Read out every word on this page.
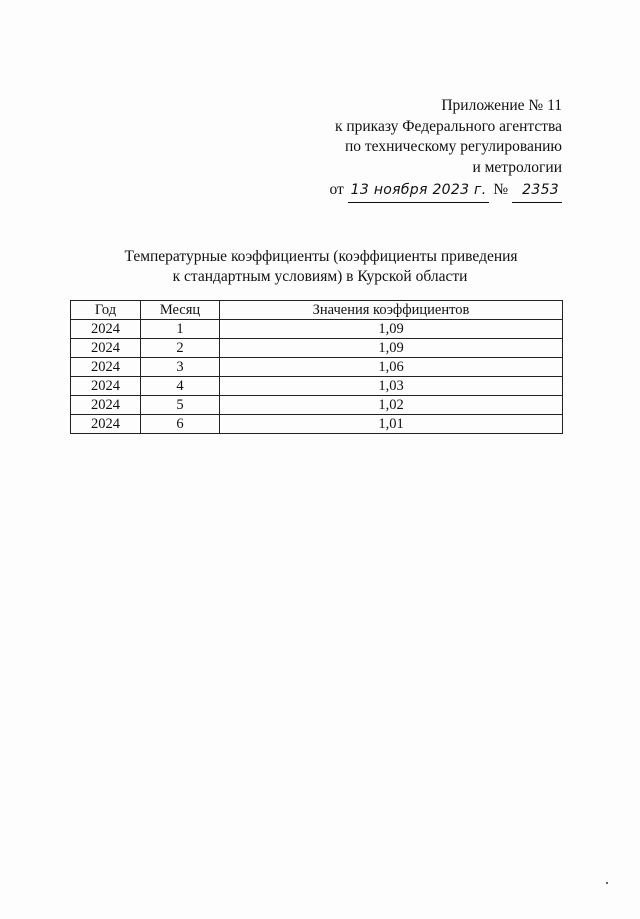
Приложение № 11
к приказу Федерального агентства
по техническому регулированию
и метрологии
от 13 ноября 2023 г. № 2353
Температурные коэффициенты (коэффициенты приведения
к стандартным условиям) в Курской области
Год	Месяц	Значения коэффициентов
2024	1	1,09
2024	2	1,09
2024	3	1,06
2024	4	1,03
2024	5	1,02
2024	6	1,01
